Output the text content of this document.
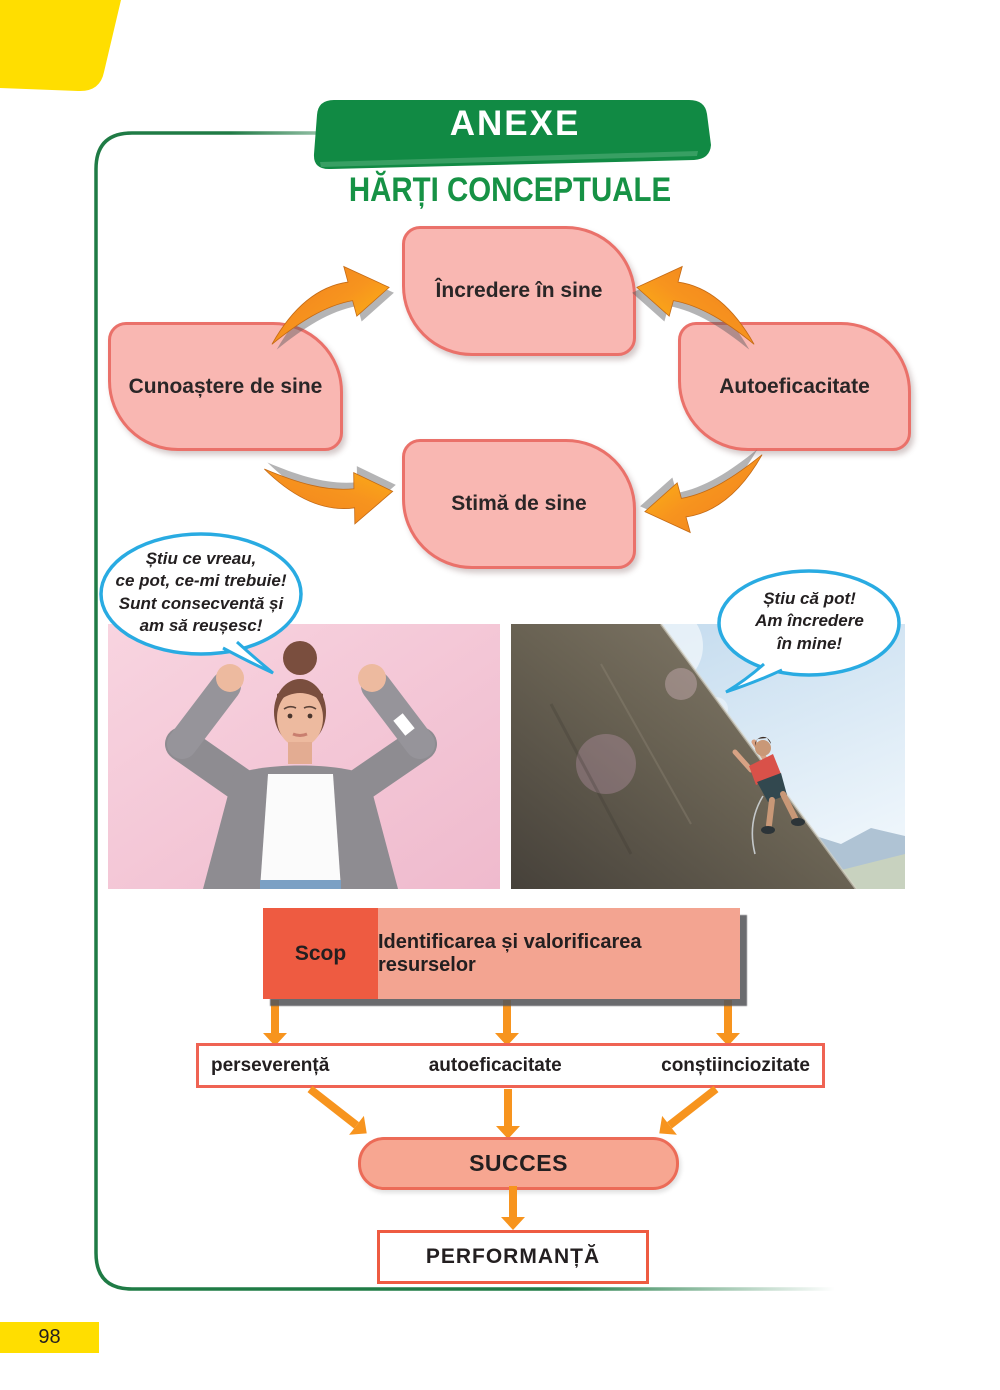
ANEXE
HĂRȚI CONCEPTUALE
Încredere în sine
Cunoaștere de sine	Autoeficacitate
Stimă de sine
Știu ce vreau,
ce pot, ce-mi trebuie!
Sunt consecventă și
am să reușesc!
Știu că pot!
Am încredere
în mine!
Scop Identificarea și valorificarea resurselor
perseverență	autoeficacitate	conștiinciozitate
SUCCES
PERFORMANȚĂ
98
